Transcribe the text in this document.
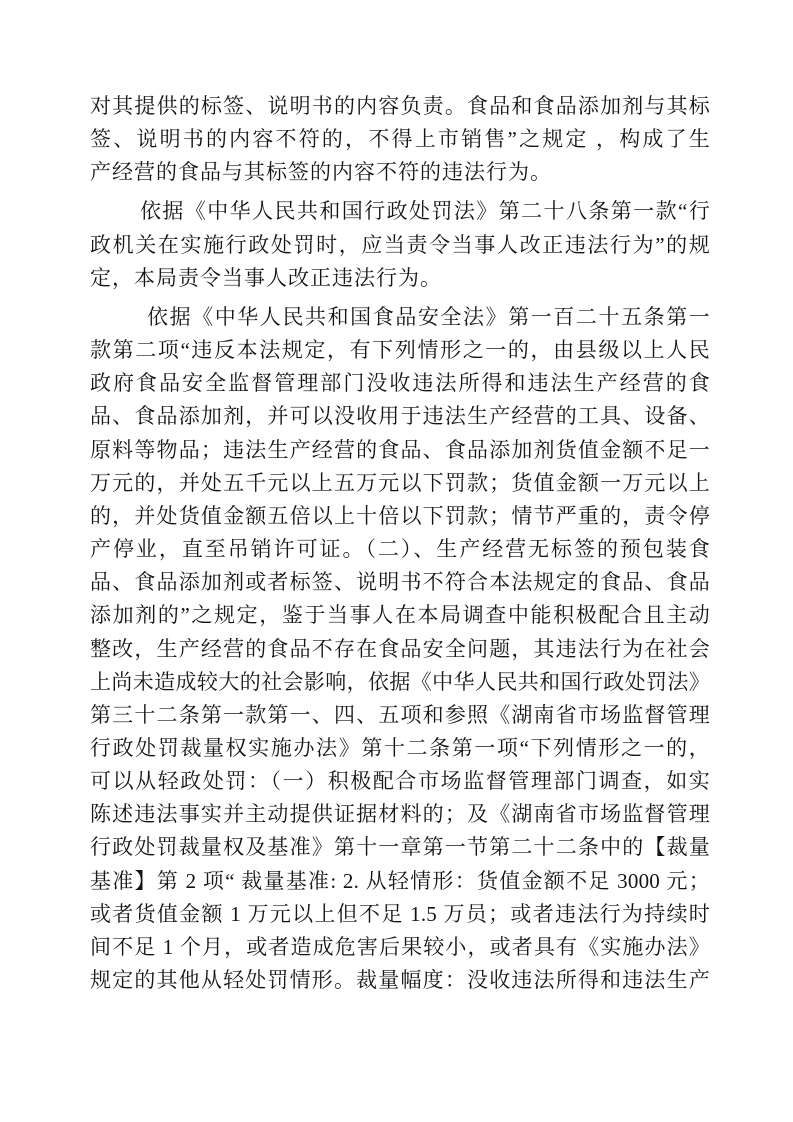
对其提供的标签、说明书的内容负责。食品和食品添加剂与其标

签、说明书的内容不符的，不得上市销售”之规定 ，构成了生

产经营的食品与其标签的内容不符的违法行为。

依据《中华人民共和国行政处罚法》第二十八条第一款“行

政机关在实施行政处罚时，应当责令当事人改正违法行为”的规

定，本局责令当事人改正违法行为。

依据《中华人民共和国食品安全法》第一百二十五条第一

款第二项“违反本法规定，有下列情形之一的，由县级以上人民

政府食品安全监督管理部门没收违法所得和违法生产经营的食

品、食品添加剂，并可以没收用于违法生产经营的工具、设备、

原料等物品；违法生产经营的食品、食品添加剂货值金额不足一

万元的，并处五千元以上五万元以下罚款；货值金额一万元以上

的，并处货值金额五倍以上十倍以下罚款；情节严重的，责令停

产停业，直至吊销许可证。（二）、生产经营无标签的预包装食

品、食品添加剂或者标签、说明书不符合本法规定的食品、食品

添加剂的”之规定，鉴于当事人在本局调查中能积极配合且主动

整改，生产经营的食品不存在食品安全问题，其违法行为在社会

上尚未造成较大的社会影响，依据《中华人民共和国行政处罚法》

第三十二条第一款第一、四、五项和参照《湖南省市场监督管理

行政处罚裁量权实施办法》第十二条第一项“下列情形之一的，

可以从轻政处罚：（一）积极配合市场监督管理部门调查，如实

陈述违法事实并主动提供证据材料的；及《湖南省市场监督管理

行政处罚裁量权及基准》第十一章第一节第二十二条中的【裁量

基准】第 2 项“ 裁量基准: 2. 从轻情形：货值金额不足 3000 元；

或者货值金额 1 万元以上但不足 1.5 万员；或者违法行为持续时

间不足 1 个月，或者造成危害后果较小，或者具有《实施办法》

规定的其他从轻处罚情形。裁量幅度：没收违法所得和违法生产
